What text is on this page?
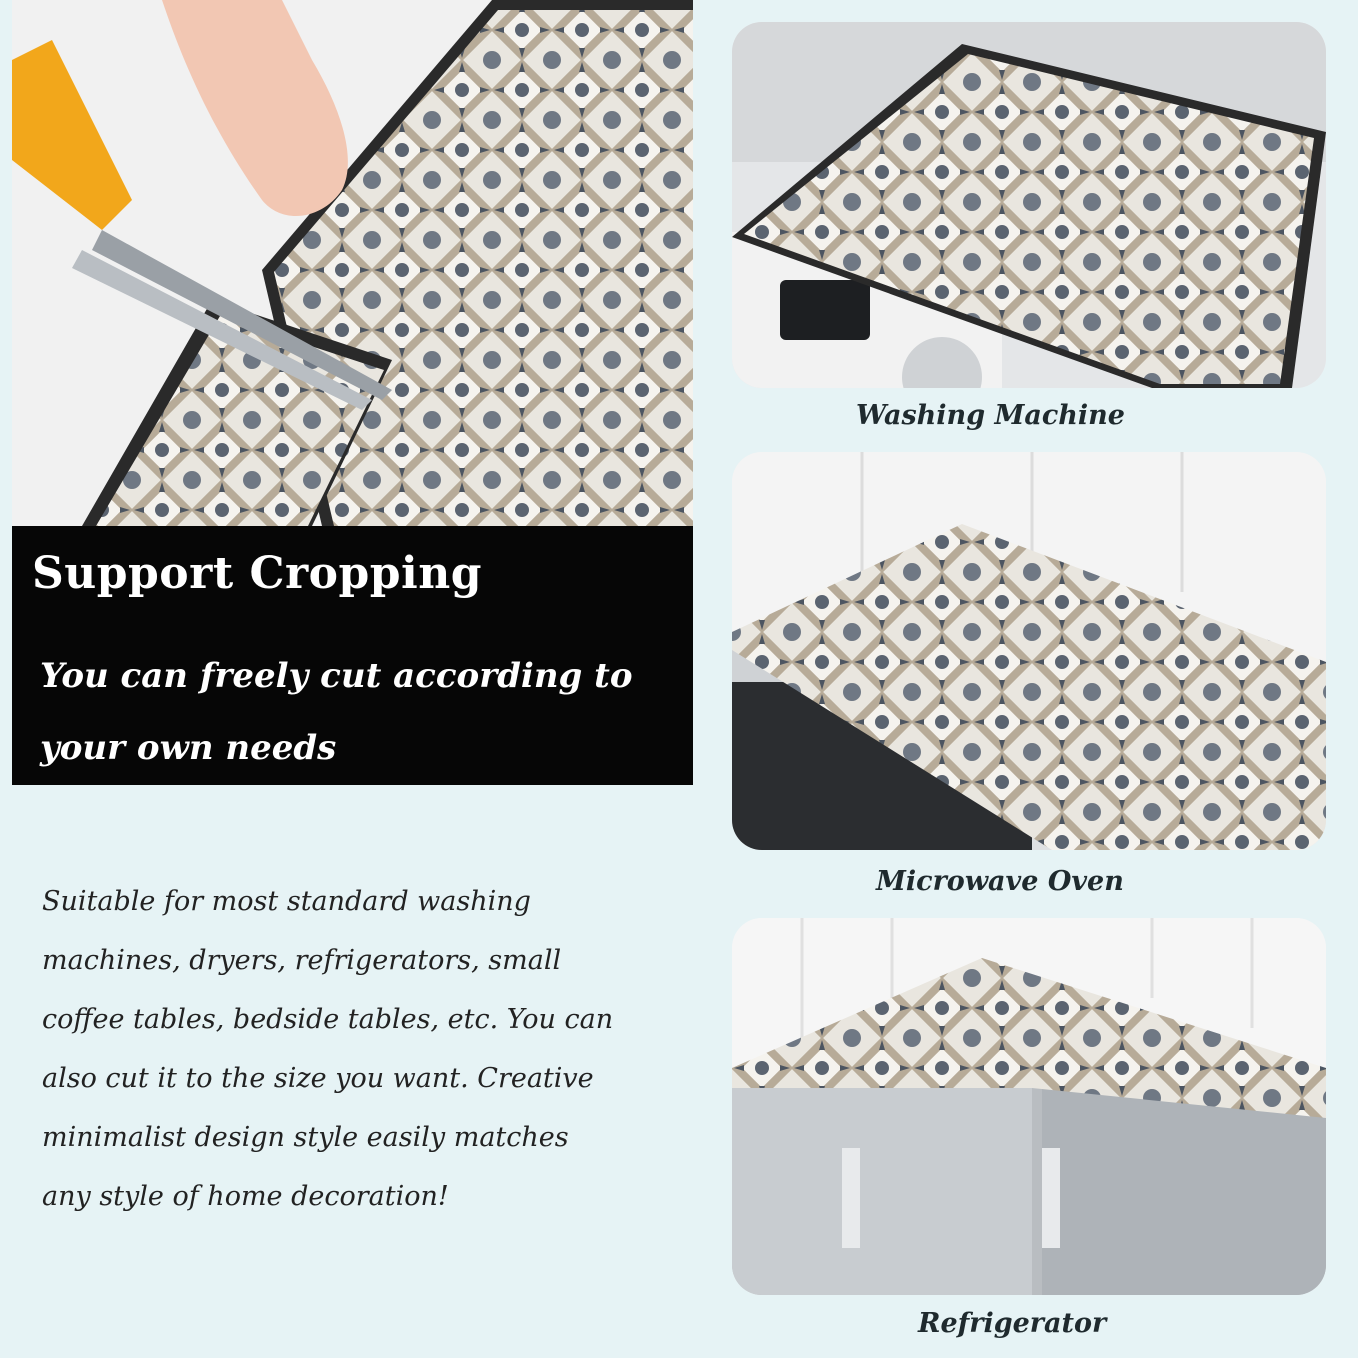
Support Cropping
You can freely cut according to your own needs
Suitable for most standard washing
machines, dryers, refrigerators, small
coffee tables, bedside tables, etc. You can
also cut it to the size you want. Creative
minimalist design style easily matches
any style of home decoration!
Washing Machine
Microwave Oven
Refrigerator
